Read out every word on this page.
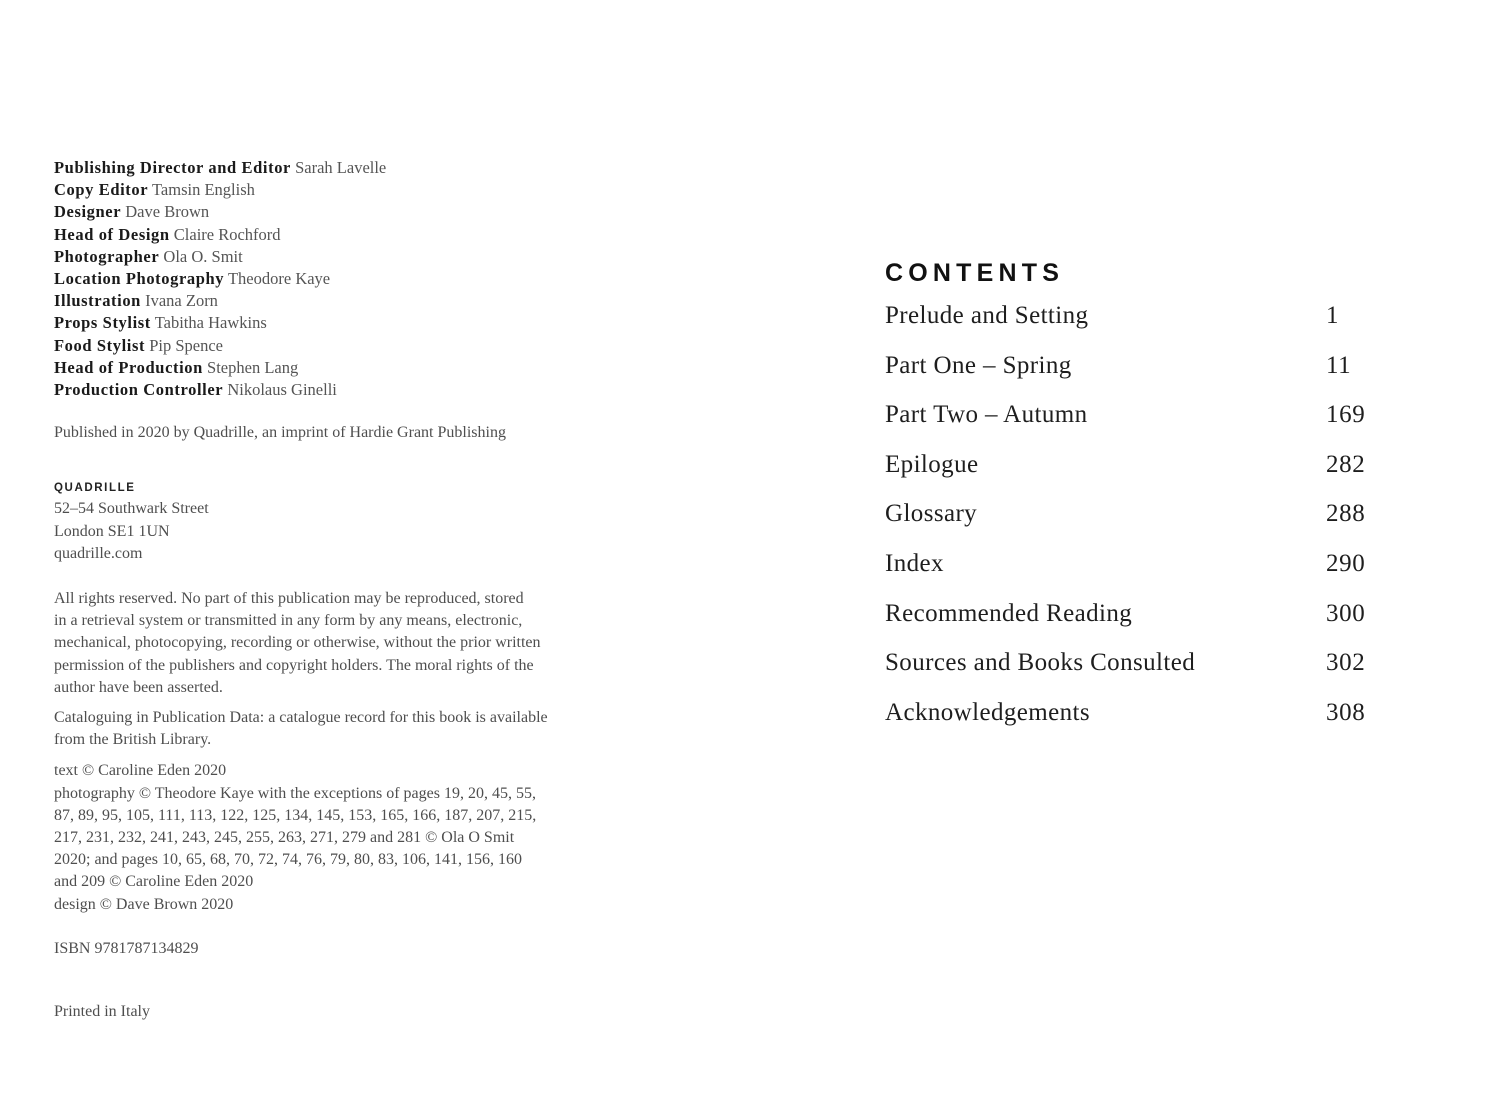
Publishing Director and Editor Sarah Lavelle
Copy Editor Tamsin English
Designer Dave Brown
Head of Design Claire Rochford
Photographer Ola O. Smit
Location Photography Theodore Kaye
Illustration Ivana Zorn
Props Stylist Tabitha Hawkins
Food Stylist Pip Spence
Head of Production Stephen Lang
Production Controller Nikolaus Ginelli
Published in 2020 by Quadrille, an imprint of Hardie Grant Publishing
QUADRILLE
52–54 Southwark Street
London SE1 1UN
quadrille.com
All rights reserved. No part of this publication may be reproduced, stored
in a retrieval system or transmitted in any form by any means, electronic,
mechanical, photocopying, recording or otherwise, without the prior written
permission of the publishers and copyright holders. The moral rights of the
author have been asserted.
Cataloguing in Publication Data: a catalogue record for this book is available
from the British Library.
text © Caroline Eden 2020
photography © Theodore Kaye with the exceptions of pages 19, 20, 45, 55,
87, 89, 95, 105, 111, 113, 122, 125, 134, 145, 153, 165, 166, 187, 207, 215,
217, 231, 232, 241, 243, 245, 255, 263, 271, 279 and 281 © Ola O Smit
2020; and pages 10, 65, 68, 70, 72, 74, 76, 79, 80, 83, 106, 141, 156, 160
and 209 © Caroline Eden 2020
design © Dave Brown 2020
ISBN 9781787134829
Printed in Italy
CONTENTS
Prelude and Setting	1
Part One – Spring	11
Part Two – Autumn	169
Epilogue	282
Glossary	288
Index	290
Recommended Reading	300
Sources and Books Consulted	302
Acknowledgements	308
